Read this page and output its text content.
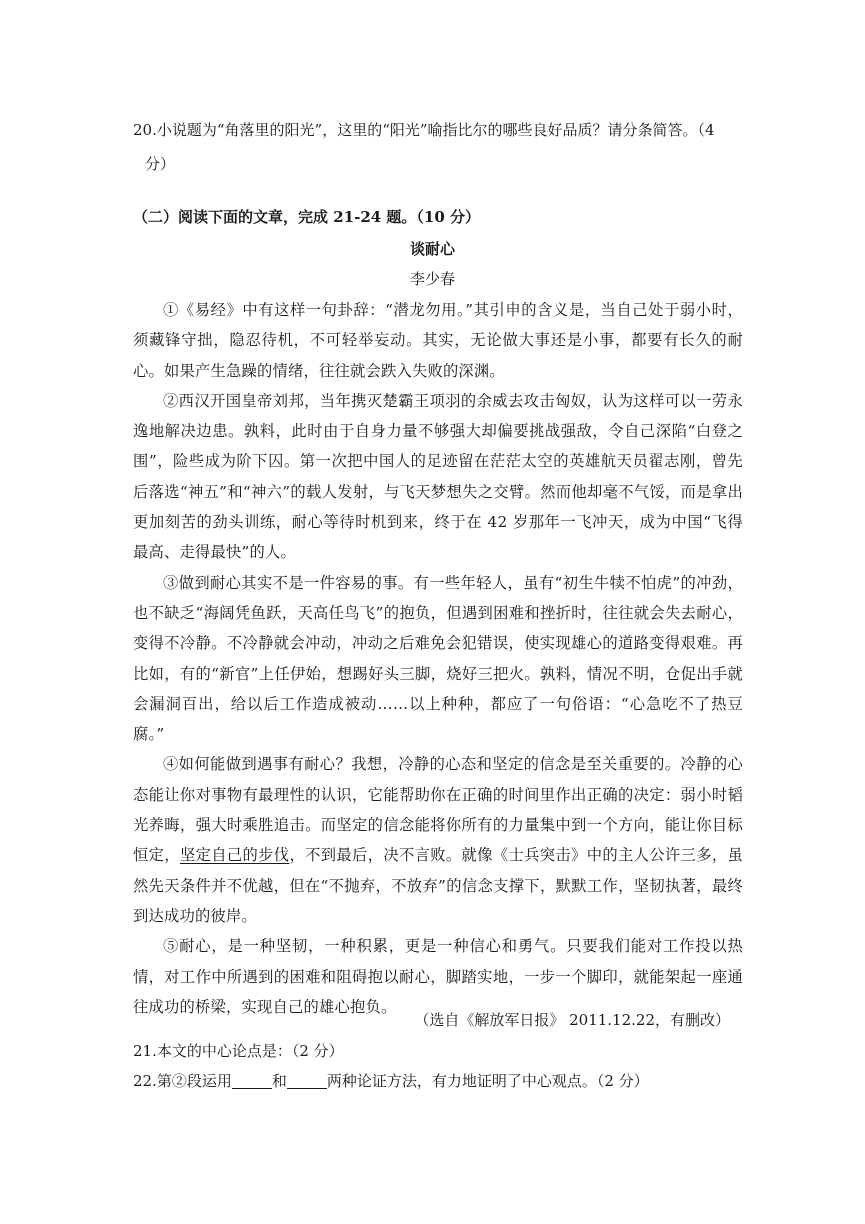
20.小说题为“角落里的阳光”，这里的“阳光”喻指比尔的哪些良好品质？请分条简答。（4
分）
（二）阅读下面的文章，完成 21-24 题。（10 分）
谈耐心
李少春

①《易经》中有这样一句卦辞：“潜龙勿用。”其引申的含义是，当自己处于弱小时，须藏锋守拙，隐忍待机，不可轻举妄动。其实，无论做大事还是小事，都要有长久的耐心。如果产生急躁的情绪，往往就会跌入失败的深渊。

②西汉开国皇帝刘邦，当年携灭楚霸王项羽的余威去攻击匈奴，认为这样可以一劳永逸地解决边患。孰料，此时由于自身力量不够强大却偏要挑战强敌，令自己深陷“白登之围”，险些成为阶下囚。第一次把中国人的足迹留在茫茫太空的英雄航天员翟志刚，曾先后落选“神五”和“神六”的载人发射，与飞天梦想失之交臂。然而他却毫不气馁，而是拿出更加刻苦的劲头训练，耐心等待时机到来，终于在 42 岁那年一飞冲天，成为中国“飞得最高、走得最快”的人。

③做到耐心其实不是一件容易的事。有一些年轻人，虽有“初生牛犊不怕虎”的冲劲，也不缺乏“海阔凭鱼跃，天高任鸟飞”的抱负，但遇到困难和挫折时，往往就会失去耐心，变得不冷静。不冷静就会冲动，冲动之后难免会犯错误，使实现雄心的道路变得艰难。再比如，有的“新官”上任伊始，想踢好头三脚，烧好三把火。孰料，情况不明，仓促出手就会漏洞百出，给以后工作造成被动……以上种种，都应了一句俗语：“心急吃不了热豆腐。”

④如何能做到遇事有耐心？我想，冷静的心态和坚定的信念是至关重要的。冷静的心态能让你对事物有最理性的认识，它能帮助你在正确的时间里作出正确的决定：弱小时韬光养晦，强大时乘胜追击。而坚定的信念能将你所有的力量集中到一个方向，能让你目标恒定，坚定自己的步伐，不到最后，决不言败。就像《士兵突击》中的主人公许三多，虽然先天条件并不优越，但在“不抛弃，不放弃”的信念支撑下，默默工作，坚韧执著，最终到达成功的彼岸。

⑤耐心，是一种坚韧，一种积累，更是一种信心和勇气。只要我们能对工作投以热情，对工作中所遇到的困难和阻碍抱以耐心，脚踏实地，一步一个脚印，就能架起一座通往成功的桥梁，实现自己的雄心抱负。

（选自《解放军日报》 2011.12.22，有删改）
21.本文的中心论点是：（2 分）
22.第②段运用	和	两种论证方法，有力地证明了中心观点。（2 分）
